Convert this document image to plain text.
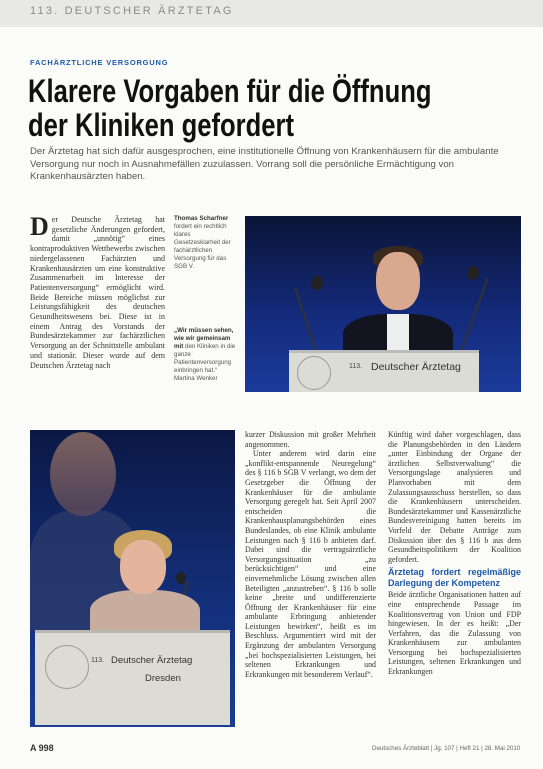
113. DEUTSCHER ÄRZTETAG
FACHÄRZTLICHE VERSORGUNG
Klarere Vorgaben für die Öffnung
der Kliniken gefordert

Der Ärztetag hat sich dafür ausgesprochen, eine institutionelle Öffnung von Krankenhäusern für die ambulante Versorgung nur noch in Ausnahmefällen zuzulassen. Vorrang soll die persönliche Ermächtigung von Krankenhausärzten haben.

D er Deutsche Ärztetag hat gesetzliche Änderungen gefordert, damit „unnötig“ eines kontraproduktiven Wettbewerbs zwischen niedergelassenen Fachärzten und Krankenhausärzten um eine konstruktive Zusammenarbeit im Interesse der Patientenversorgung“ ermöglicht wird. Beide Bereiche müssen möglichst zur Leistungsfähigkeit des deutschen Gesundheitswesens bei. Diese ist in einem Antrag des Vorstands der Bundesärztekammer zur fachärztlichen Versorgung an der Schnittstelle ambulant und stationär. Dieser wurde auf dem Deutschen Ärztetag nach
Thomas Scharfner
fordert ein rechtlich klares Gesetzesklarheit der fachärztlichen Versorgung für das SGB V.
„Wir müssen sehen, wie wir gemeinsam mit den Kliniken in die ganze Patientenversorgung einbringen hat.“ Martina Wenker
113. Deutscher Ärztetag
113. Deutscher Ärztetag
Dresden

kurzer Diskussion mit großer Mehrheit angenommen.

Unter anderem wird darin eine „konflikt-entspannende Neuregelung“ des § 116 b SGB V verlangt, wo dem der Gesetzgeber die Öffnung der Krankenhäuser für die ambulante Versorgung geregelt hat. Seit April 2007 entscheiden die Krankenhausplanungsbehörden eines Bundeslandes, ob eine Klinik ambulante Leistungen nach § 116 b anbieten darf. Dabei sind die vertragsärztliche Versorgungssituation „zu berücksichtigen“ und eine einvernehmliche Lösung zwischen allen Beteiligten „anzustreben“. § 116 b solle keine „breite und undifferenzierte Öffnung der Krankenhäuser für eine ambulante Erbringung anbietender Leistungen bewirken“, heißt es im Beschluss. Argumentiert wird mit der Ergänzung der ambulanten Versorgung „bei hochspezialisierten Leistungen, bei seltenen Erkrankungen und Erkrankungen mit besonderem Verlauf“.

Künftig wird daher vorgeschlagen, dass die Planungsbehörden in den Ländern „unter Einbindung der Organe der ärztlichen Selbstverwaltung“ die Versorgungslage analysieren und Planvorhaben mit dem Zulassungsausschuss herstellen, so dass die Krankenhäusern unterscheiden. Bundesärztekammer und Kassenärztliche Bundesvereinigung hatten bereits im Vorfeld der Debatte Anträge zum Diskussion über des § 116 b aus dem Gesundheitspolitikern der Koalition gefordert.

Ärztetag fordert regelmäßige Darlegung der Kompetenz

Beide ärztliche Organisationen hatten auf eine entsprechende Passage im Koalitionsvertrag von Union und FDP hingewiesen. In der es heißt: „Der Verfahren, das die Zulassung von Krankenhäusern zur ambulanten Versorgung bei hochspezialisierten Leistungen, seltenen Erkrankungen und Erkrankungen

A 998	Deutsches Ärzteblatt | Jg. 107 | Heft 21 | 28. Mai 2010
